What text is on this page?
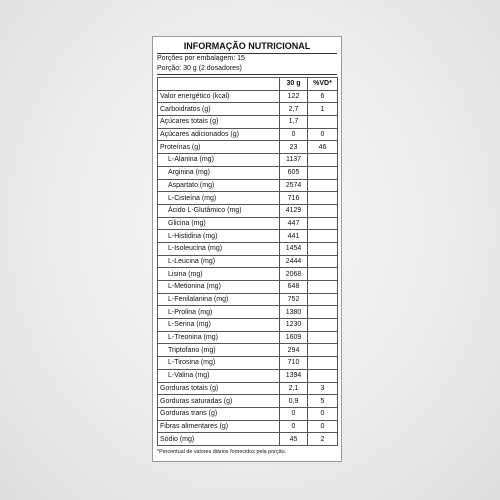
INFORMAÇÃO NUTRICIONAL
Porções por embalagem: 15
Porção: 30 g (2 dosadores)
	30 g	%VD*
Valor energético (kcal)	122	6
Carboidratos (g)	2,7	1
Açúcares totais (g)	1,7	
Açúcares adicionados (g)	0	0
Proteínas (g)	23	46
L-Alanina (mg)	1137	
Arginina (mg)	605	
Aspartato (mg)	2574	
L-Cisteína (mg)	716	
Ácido L-Glutâmico (mg)	4129	
Glicina (mg)	447	
L-Histidina (mg)	441	
L-Isoleucina (mg)	1454	
L-Leucina (mg)	2444	
Lisina (mg)	2068	
L-Metionina (mg)	648	
L-Fenilalanina (mg)	752	
L-Prolina (mg)	1380	
L-Serina (mg)	1230	
L-Treonina (mg)	1609	
Triptofano (mg)	294	
L-Tirosina (mg)	710	
L-Valina (mg)	1394	
Gorduras totais (g)	2,1	3
Gorduras saturadas (g)	0,9	5
Gorduras trans (g)	0	0
Fibras alimentares (g)	0	0
Sódio (mg)	45	2
*Percentual de valores diários fornecidos pela porção.
